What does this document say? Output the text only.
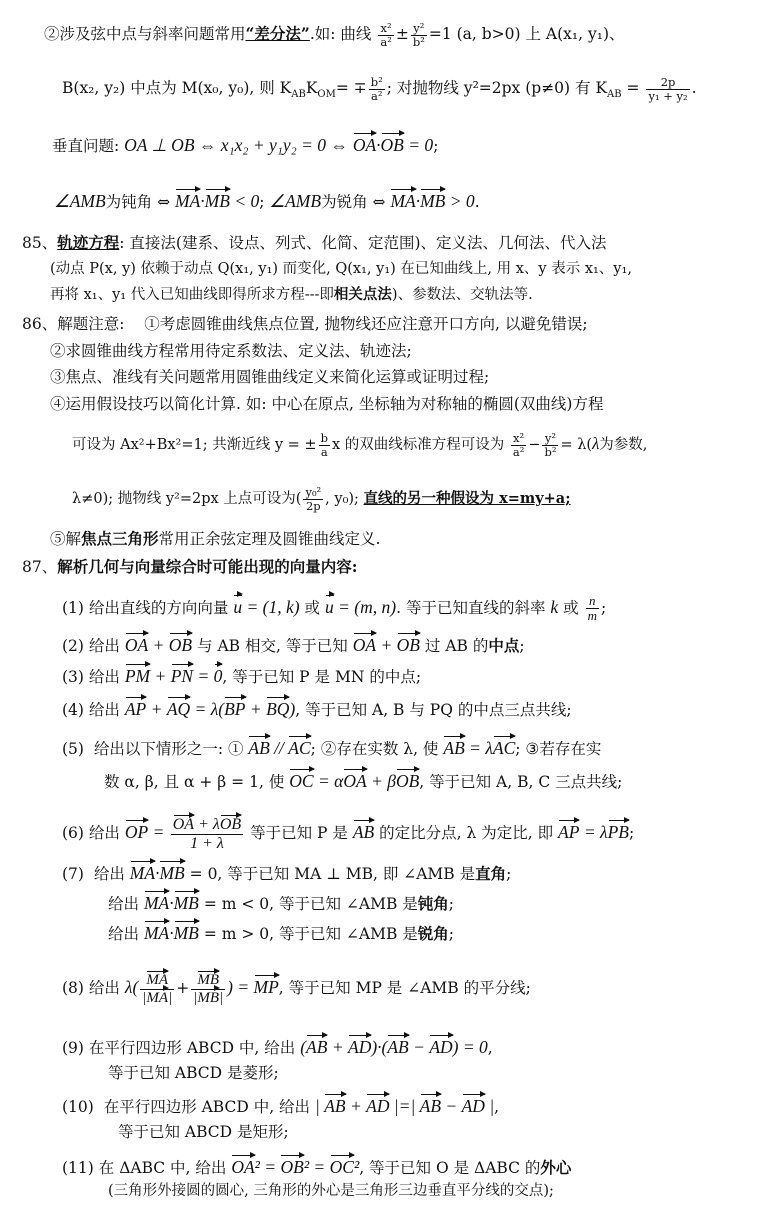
②涉及弦中点与斜率问题常用“差分法”.如: 曲线 $\frac{\text{x²}}{\text{a²}} \pm \frac{\text{y²}}{\text{b²}} =1$ (a, b>0) 上 A(x₁, y₁)、
B(x₂, y₂) 中点为 M(x₀, y₀), 则 $K_{AB}K_{OM}= \mp \frac{\text{b²}}{\text{a²}}$ ; 对抛物线 y²=2px (p≠0) 有 $K_{AB} = \frac{2p}{\text{y₁ + y₂}}$ .
垂直问题: OA ⊥ OB ⇔ x₁x₂ + y₁y₂ = 0 ⇔ OA·OB = 0;
∠AMB为钝角 ⇔ MA·MB < 0; ∠AMB为锐角 ⇔ MA·MB > 0.
85、轨迹方程: 直接法(建系、设点、列式、化简、定范围)、定义法、几何法、代入法
(动点 P(x, y) 依赖于动点 Q(x₁, y₁) 而变化, Q(x₁, y₁) 在已知曲线上, 用 x、y 表示 x₁、y₁,
再将 x₁、y₁ 代入已知曲线即得所求方程---即相关点法)、参数法、交轨法等.
86、解题注意: ①考虑圆锥曲线焦点位置, 抛物线还应注意开口方向, 以避免错误;
②求圆锥曲线方程常用待定系数法、定义法、轨迹法;
③焦点、准线有关问题常用圆锥曲线定义来简化运算或证明过程;
④运用假设技巧以简化计算. 如: 中心在原点, 坐标轴为对称轴的椭圆(双曲线)方程
可设为 Ax²+Bx²=1; 共渐近线 y = ± $\frac{b}{a}$ x 的双曲线标准方程可设为 $\frac{\text{x²}}{\text{a²}} - \frac{\text{y²}}{\text{b²}} = \lambda(\lambda$为参数,
λ≠0); 抛物线 y²=2px 上点可设为( $\frac{\text{y₀²}}{2p}$ , y₀); 直线的另一种假设为 x=my+a;
⑤解焦点三角形常用正余弦定理及圆锥曲线定义.
87、解析几何与向量综合时可能出现的向量内容:
(1) 给出直线的方向向量 u = (1, k) 或 u = (m, n). 等于已知直线的斜率 k 或 $\frac{n}{m}$ ;
(2) 给出 OA + OB 与 AB 相交, 等于已知 OA + OB 过 AB 的中点;
(3) 给出 PM + PN = 0, 等于已知 P 是 MN 的中点;
(4) 给出 AP + AQ = λ(BP + BQ), 等于已知 A, B 与 PQ 的中点三点共线;
(5) 给出以下情形之一: ① AB // AC; ②存在实数 λ, 使 AB = λAC; ③若存在实
数 α, β, 且 α + β = 1, 使 OC = αOA + βOB, 等于已知 A, B, C 三点共线;
(6) 给出 OP = $\frac{\text{OA + λOB}}{1 + \lambda}$ 等于已知 P 是 AB 的定比分点, λ 为定比, 即 AP = λPB;
(7) 给出 MA·MB = 0, 等于已知 MA ⊥ MB, 即 ∠AMB 是直角;
给出 MA·MB = m < 0, 等于已知 ∠AMB 是钝角;
给出 MA·MB = m > 0, 等于已知 ∠AMB 是锐角;
(8) 给出 $\lambda( \frac{MA}{|MA|} + \frac{MB}{|MB|}$ ) = MP, 等于已知 MP 是 ∠AMB 的平分线;
(9) 在平行四边形 ABCD 中, 给出 (AB + AD)·(AB − AD) = 0,
等于已知 ABCD 是菱形;
(10) 在平行四边形 ABCD 中, 给出 | AB + AD |=| AB − AD |,
等于已知 ABCD 是矩形;
(11) 在 ΔABC 中, 给出 OA² = OB² = OC², 等于已知 O 是 ΔABC 的外心
(三角形外接圆的圆心, 三角形的外心是三角形三边垂直平分线的交点);
